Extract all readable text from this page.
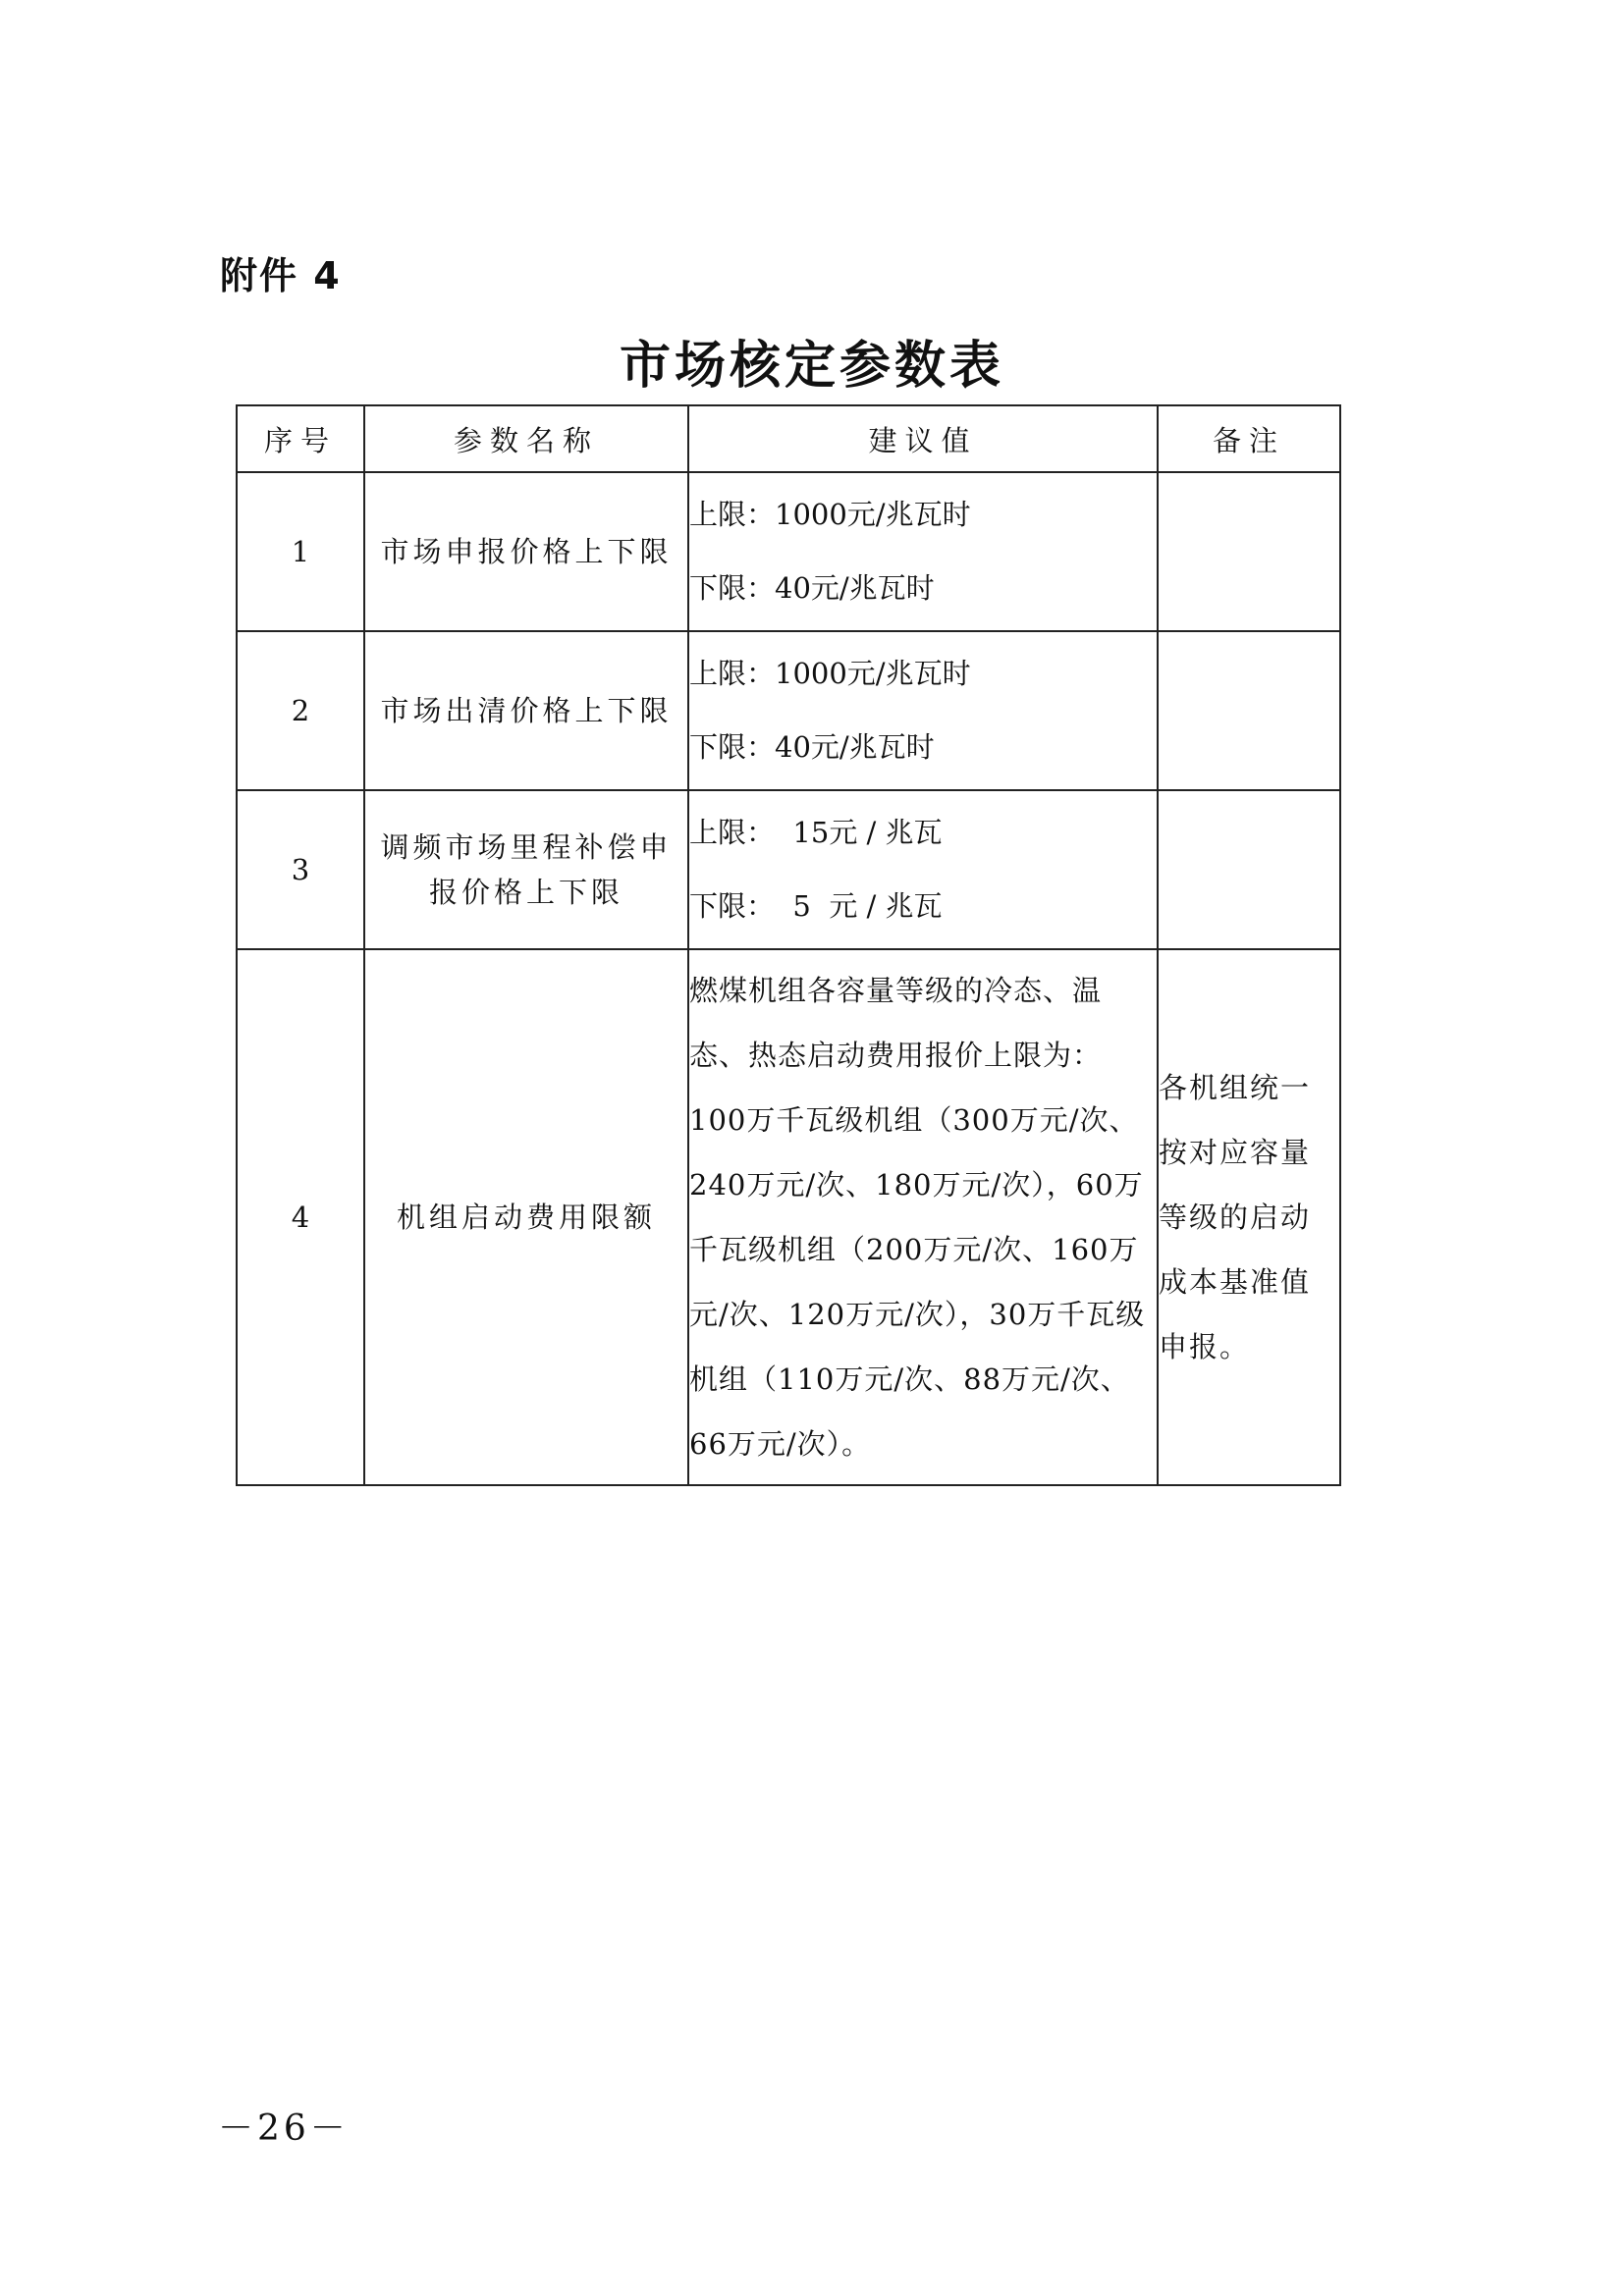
附件 4
市场核定参数表
序号	参数名称	建议值	备注
1	市场申报价格上下限	上限：1000元/兆瓦时
下限：40元/兆瓦时	

2	市场出清价格上下限	上限：1000元/兆瓦时
下限：40元/兆瓦时	

3	调频市场里程补偿申报价格上下限	上限：  15元 / 兆瓦
下限：  5  元 / 兆瓦	

4	机组启动费用限额	燃煤机组各容量等级的冷态、温态、热态启动费用报价上限为：100万千瓦级机组（300万元/次、240万元/次、180万元/次），60万千瓦级机组（200万元/次、160万元/次、120万元/次），30万千瓦级机组（110万元/次、88万元/次、66万元/次）。	各机组统一按对应容量等级的启动成本基准值申报。
－26－
